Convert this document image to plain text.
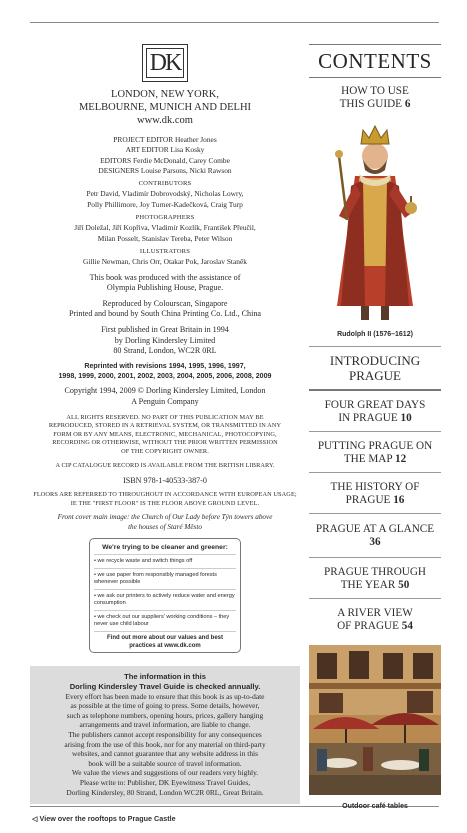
DK
LONDON, NEW YORK,
MELBOURNE, MUNICH AND DELHI
www.dk.com
PROJECT EDITOR Heather Jones
ART EDITOR Lisa Kosky
EDITORS Ferdie McDonald, Carey Combe
DESIGNERS Louise Parsons, Nicki Rawson
CONTRIBUTORS
Petr David, Vladimír Dobrovodský, Nicholas Lowry,
Polly Phillimore, Joy Turner-Kadečková, Craig Turp
PHOTOGRAPHERS
Jiří Doležal, Jiří Kopřiva, Vladimír Kozlík, František Přeučil,
Milan Posselt, Stanislav Tereba, Peter Wilson
ILLUSTRATORS
Gillie Newman, Chris Orr, Otakar Pok, Jaroslav Staněk
This book was produced with the assistance of
Olympia Publishing House, Prague.
Reproduced by Colourscan, Singapore
Printed and bound by South China Printing Co. Ltd., China
First published in Great Britain in 1994
by Dorling Kindersley Limited
80 Strand, London, WC2R 0RL
Reprinted with revisions 1994, 1995, 1996, 1997,
1998, 1999, 2000, 2001, 2002, 2003, 2004, 2005, 2006, 2008, 2009
Copyright 1994, 2009 © Dorling Kindersley Limited, London
A Penguin Company
ALL RIGHTS RESERVED. NO PART OF THIS PUBLICATION MAY BE
REPRODUCED, STORED IN A RETRIEVAL SYSTEM, OR TRANSMITTED IN ANY
FORM OR BY ANY MEANS, ELECTRONIC, MECHANICAL, PHOTOCOPYING,
RECORDING OR OTHERWISE, WITHOUT THE PRIOR WRITTEN PERMISSION
OF THE COPYRIGHT OWNER.
A CIP CATALOGUE RECORD IS AVAILABLE FROM THE BRITISH LIBRARY.
ISBN 978-1-40533-387-0
FLOORS ARE REFERRED TO THROUGHOUT IN ACCORDANCE WITH EUROPEAN USAGE;
IE THE "FIRST FLOOR" IS THE FLOOR ABOVE GROUND LEVEL.
Front cover main image: the Church of Our Lady before Týn towers above
the houses of Staré Město
We're trying to be cleaner and greener:
• we recycle waste and switch things off
• we use paper from responsibly managed forests whenever possible
• we ask our printers to actively reduce water and energy consumption
• we check out our suppliers' working conditions – they never use child labour
Find out more about our values and best practices at www.dk.com
The information in this
Dorling Kindersley Travel Guide is checked annually.
Every effort has been made to ensure that this book is as up-to-date
as possible at the time of going to press. Some details, however,
such as telephone numbers, opening hours, prices, gallery hanging
arrangements and travel information, are liable to change.
The publishers cannot accept responsibility for any consequences
arising from the use of this book, nor for any material on third-party
websites, and cannot guarantee that any website address in this
book will be a suitable source of travel information.
We value the views and suggestions of our readers very highly.
Please write to: Publisher, DK Eyewitness Travel Guides,
Dorling Kindersley, 80 Strand, London WC2R 0RL, Great Britain.
◁ View over the rooftops to Prague Castle
CONTENTS
HOW TO USE
THIS GUIDE 6
Rudolph II (1576–1612)
INTRODUCING
PRAGUE
FOUR GREAT DAYS
IN PRAGUE 10
PUTTING PRAGUE ON
THE MAP 12
THE HISTORY OF
PRAGUE 16
PRAGUE AT A GLANCE 36
PRAGUE THROUGH
THE YEAR 50
A RIVER VIEW
OF PRAGUE 54
Outdoor café tables
